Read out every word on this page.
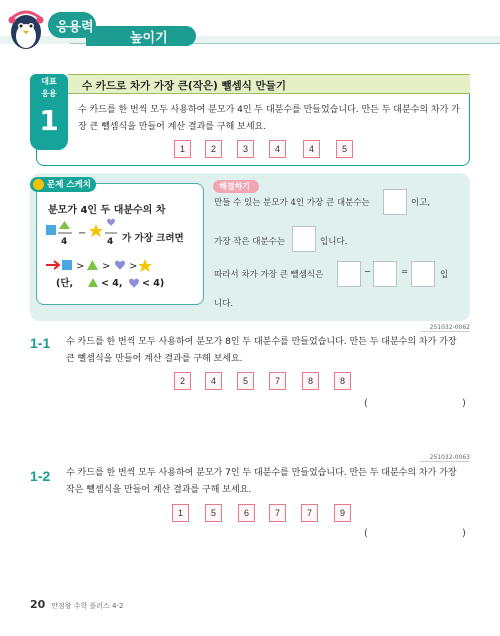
높이기
응용력
수 카드로 차가 가장 큰(작은) 뺄셈식 만들기
대표
응용
1	수 카드를 한 번씩 모두 사용하여 분모가 4인 두 대분수를 만들었습니다. 만든 두 대분수의 차가 가장 큰 뺄셈식을 만들어 계산 결과를 구해 보세요.
1	2	3	4	4	5
문제 스케치
분모가 4인 두 대분수의 차
4
−
4
> > >
(단,	< 4, < 4)
가 가장 크려면
해결하기
만들 수 있는 분모가 4인 가장 큰 대분수는	이고,
가장 작은 대분수는	입니다.
따라서 차가 가장 큰 뺄셈식은	−	=	입
니다.
251032-0062
1-1 수 카드를 한 번씩 모두 사용하여 분모가 8인 두 대분수를 만들었습니다. 만든 두 대분수의 차가 가장 큰 뺄셈식을 만들어 계산 결과를 구해 보세요.
2	4	5	7	8	8
(	)
251032-0063
1-2 수 카드를 한 번씩 모두 사용하여 분모가 7인 두 대분수를 만들었습니다. 만든 두 대분수의 차가 가장 작은 뺄셈식을 만들어 계산 결과를 구해 보세요.
1	5	6	7	7	9
(	)
20 만점왕 수학 플러스 4-2
